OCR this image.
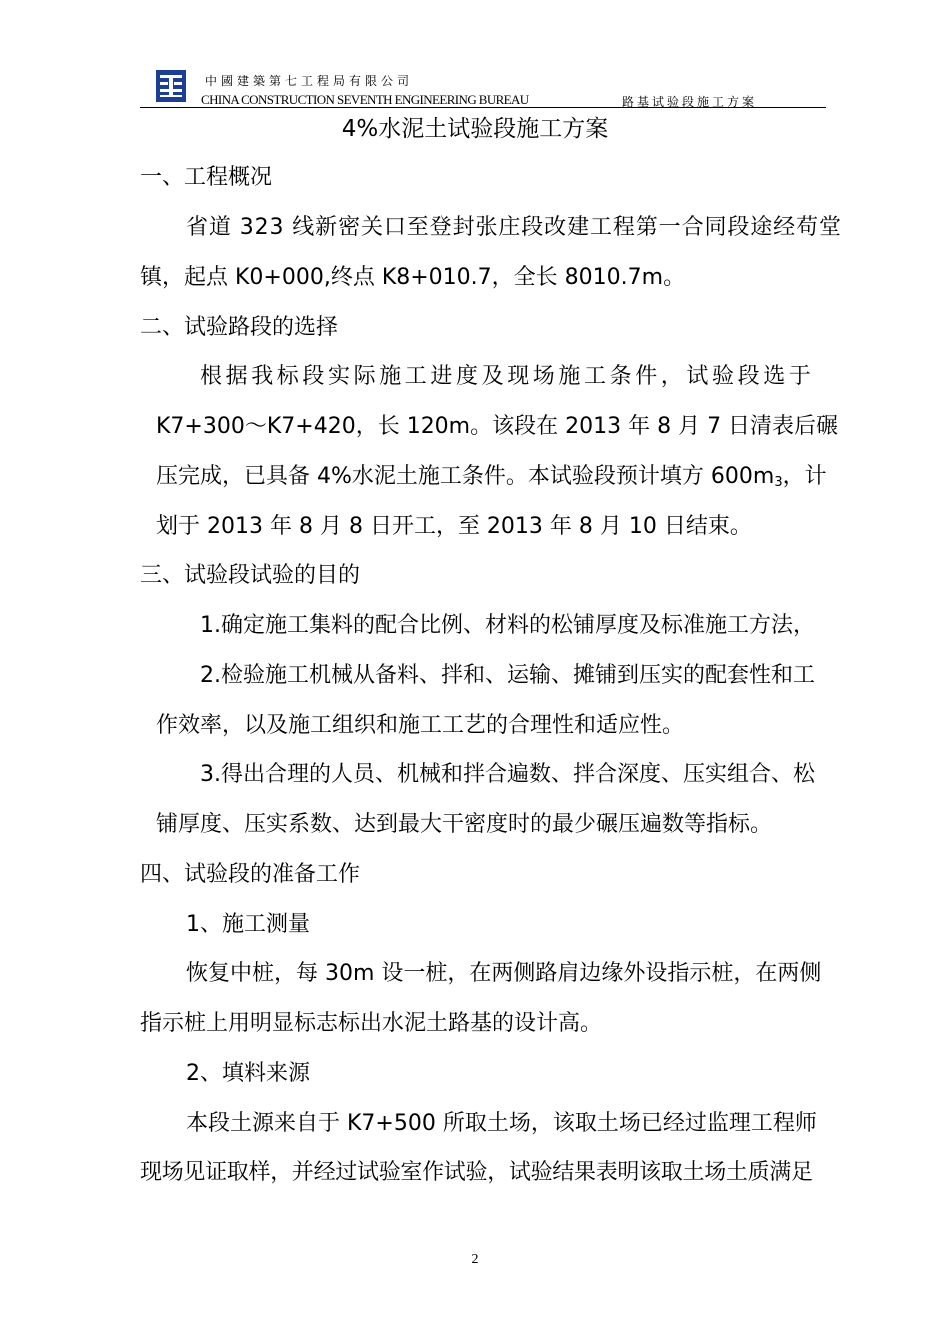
中國建築第七工程局有限公司
CHINA CONSTRUCTION SEVENTH ENGINEERING BUREAU	路基试验段施工方案
4%水泥土试验段施工方案
一、工程概况
省道 323 线新密关口至登封张庄段改建工程第一合同段途经苟堂
镇，起点 K0+000,终点 K8+010.7，全长 8010.7m。
二、试验路段的选择
根据我标段实际施工进度及现场施工条件，试验段选于
K7+300～K7+420，长 120m。该段在 2013 年 8 月 7 日清表后碾
压完成，已具备 4%水泥土施工条件。本试验段预计填方 $600m_3$，计
划于 2013 年 8 月 8 日开工，至 2013 年 8 月 10 日结束。
三、试验段试验的目的
1.确定施工集料的配合比例、材料的松铺厚度及标准施工方法，
2.检验施工机械从备料、拌和、运输、摊铺到压实的配套性和工
作效率，以及施工组织和施工工艺的合理性和适应性。
3.得出合理的人员、机械和拌合遍数、拌合深度、压实组合、松
铺厚度、压实系数、达到最大干密度时的最少碾压遍数等指标。
四、试验段的准备工作
1、施工测量
恢复中桩，每 30m 设一桩，在两侧路肩边缘外设指示桩，在两侧
指示桩上用明显标志标出水泥土路基的设计高。
2、填料来源
本段土源来自于 K7+500 所取土场，该取土场已经过监理工程师
现场见证取样，并经过试验室作试验，试验结果表明该取土场土质满足
2
